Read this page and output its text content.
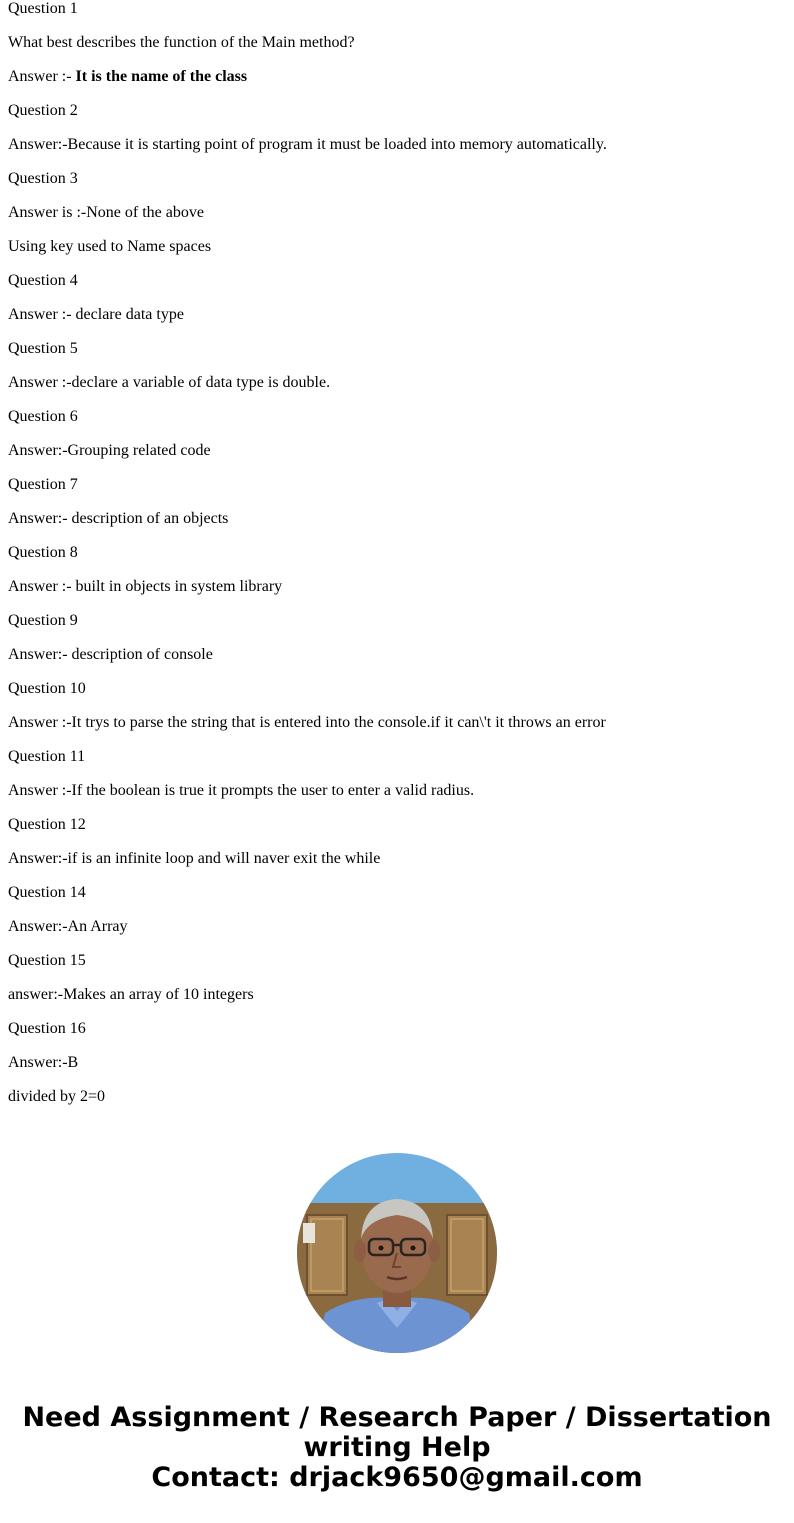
Question 1

What best describes the function of the Main method?

Answer :- It is the name of the class

Question 2

Answer:-Because it is starting point of program it must be loaded into memory automatically.

Question 3

Answer is :-None of the above

Using key used to Name spaces

Question 4

Answer :- declare data type

Question 5

Answer :-declare a variable of data type is double.

Question 6

Answer:-Grouping related code

Question 7

Answer:- description of an objects

Question 8

Answer :- built in objects in system library

Question 9

Answer:- description of console

Question 10

Answer :-It trys to parse the string that is entered into the console.if it can\'t it throws an error

Question 11

Answer :-If the boolean is true it prompts the user to enter a valid radius.

Question 12

Answer:-if is an infinite loop and will naver exit the while

Question 14

Answer:-An Array

Question 15

answer:-Makes an array of 10 integers

Question 16

Answer:-B

divided by 2=0

Need Assignment / Research Paper / Dissertation
writing Help
Contact: drjack9650@gmail.com
